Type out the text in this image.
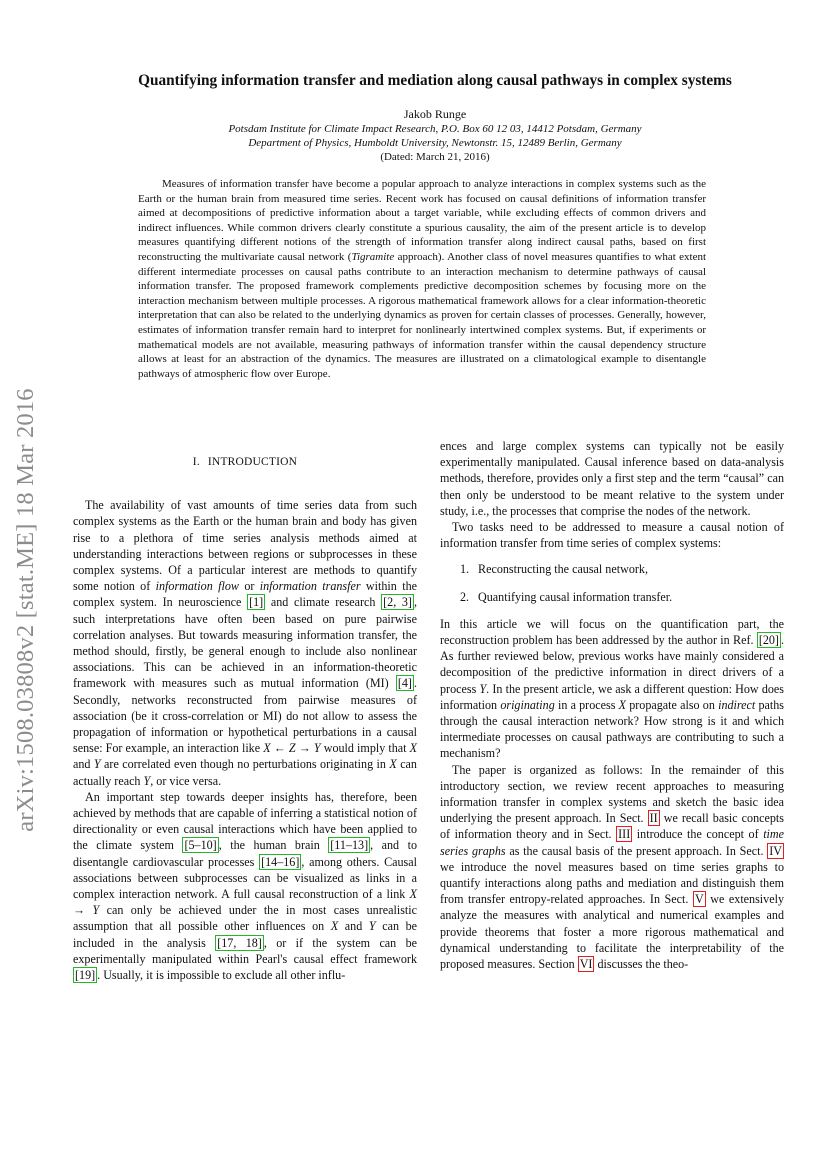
arXiv:1508.03808v2 [stat.ME] 18 Mar 2016
Quantifying information transfer and mediation along causal pathways in complex systems
Jakob Runge
Potsdam Institute for Climate Impact Research, P.O. Box 60 12 03, 14412 Potsdam, Germany
Department of Physics, Humboldt University, Newtonstr. 15, 12489 Berlin, Germany
(Dated: March 21, 2016)

Measures of information transfer have become a popular approach to analyze interactions in complex systems such as the Earth or the human brain from measured time series. Recent work has focused on causal definitions of information transfer aimed at decompositions of predictive information about a target variable, while excluding effects of common drivers and indirect influences. While common drivers clearly constitute a spurious causality, the aim of the present article is to develop measures quantifying different notions of the strength of information transfer along indirect causal paths, based on first reconstructing the multivariate causal network (Tigramite approach). Another class of novel measures quantifies to what extent different intermediate processes on causal paths contribute to an interaction mechanism to determine pathways of causal information transfer. The proposed framework complements predictive decomposition schemes by focusing more on the interaction mechanism between multiple processes. A rigorous mathematical framework allows for a clear information-theoretic interpretation that can also be related to the underlying dynamics as proven for certain classes of processes. Generally, however, estimates of information transfer remain hard to interpret for nonlinearly intertwined complex systems. But, if experiments or mathematical models are not available, measuring pathways of information transfer within the causal dependency structure allows at least for an abstraction of the dynamics. The measures are illustrated on a climatological example to disentangle pathways of atmospheric flow over Europe.

I. INTRODUCTION

The availability of vast amounts of time series data from such complex systems as the Earth or the human brain and body has given rise to a plethora of time series analysis methods aimed at understanding interactions between regions or subprocesses in these complex systems. Of a particular interest are methods to quantify some notion of information flow or information transfer within the complex system. In neuroscience [1] and climate research [2, 3] , such interpretations have often been based on pure pairwise correlation analyses. But towards measuring information transfer, the method should, firstly, be general enough to include also nonlinear associations. This can be achieved in an information-theoretic framework with measures such as mutual information (MI) [4] . Secondly, networks reconstructed from pairwise measures of association (be it cross-correlation or MI) do not allow to assess the propagation of information or hypothetical perturbations in a causal sense: For example, an interaction like X ← Z → Y would imply that X and Y are correlated even though no perturbations originating in X can actually reach Y, or vice versa.

An important step towards deeper insights has, therefore, been achieved by methods that are capable of inferring a statistical notion of directionality or even causal interactions which have been applied to the climate system [5–10] , the human brain [11–13] , and to disentangle cardiovascular processes [14–16] , among others. Causal associations between subprocesses can be visualized as links in a complex interaction network. A full causal reconstruction of a link X → Y can only be achieved under the in most cases unrealistic assumption that all possible other influences on X and Y can be included in the analysis [17, 18] , or if the system can be experimentally manipulated within Pearl's causal effect framework [19] . Usually, it is impossible to exclude all other influ-

ences and large complex systems can typically not be easily experimentally manipulated. Causal inference based on data-analysis methods, therefore, provides only a first step and the term “causal” can then only be understood to be meant relative to the system under study, i.e., the processes that comprise the nodes of the network.

Two tasks need to be addressed to measure a causal notion of information transfer from time series of complex systems:

1. Reconstructing the causal network,
2. Quantifying causal information transfer.

In this article we will focus on the quantification part, the reconstruction problem has been addressed by the author in Ref. [20] . As further reviewed below, previous works have mainly considered a decomposition of the predictive information in direct drivers of a process Y. In the present article, we ask a different question: How does information originating in a process X propagate also on indirect paths through the causal interaction network? How strong is it and which intermediate processes on causal pathways are contributing to such a mechanism?

The paper is organized as follows: In the remainder of this introductory section, we review recent approaches to measuring information transfer in complex systems and sketch the basic idea underlying the present approach. In Sect. II we recall basic concepts of information theory and in Sect. III introduce the concept of time series graphs as the causal basis of the present approach. In Sect. IV we introduce the novel measures based on time series graphs to quantify interactions along paths and mediation and distinguish them from transfer entropy-related approaches. In Sect. V we extensively analyze the measures with analytical and numerical examples and provide theorems that foster a more rigorous mathematical and dynamical understanding to facilitate the interpretability of the proposed measures. Section VI discusses the theo-
